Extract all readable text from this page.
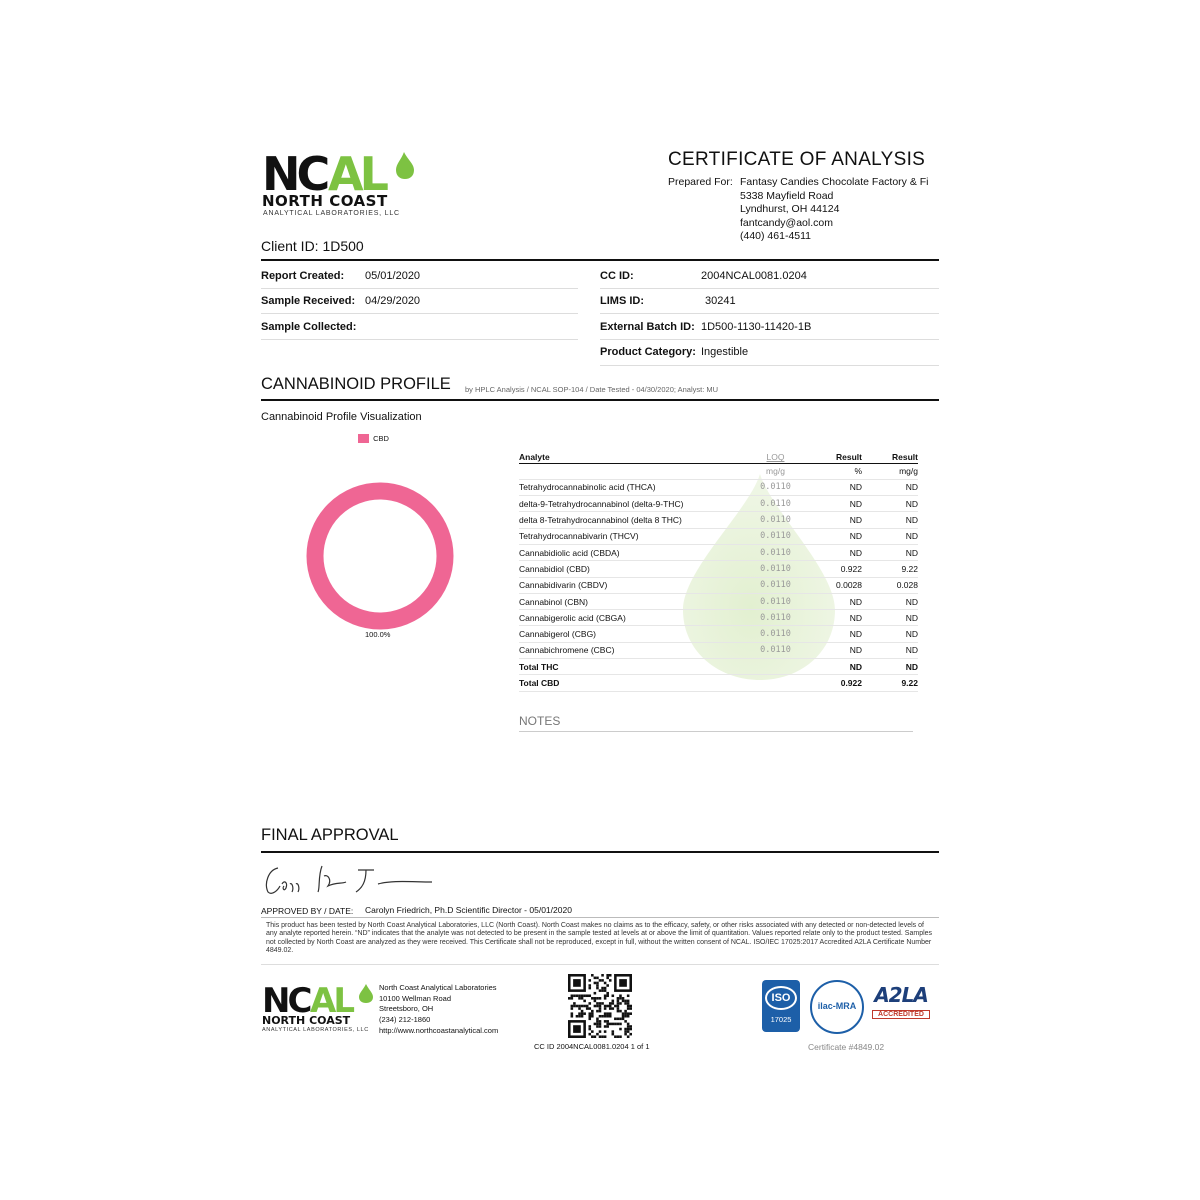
NC AL
NORTH COAST
ANALYTICAL LABORATORIES, LLC
Client ID: 1D500
CERTIFICATE OF ANALYSIS
Prepared For: Fantasy Candies Chocolate Factory & Fi
5338 Mayfield Road
Lyndhurst, OH 44124
fantcandy@aol.com
(440) 461-4511
Report Created: 05/01/2020
Sample Received: 04/29/2020
Sample Collected:
CC ID:	2004NCAL0081.0204
LIMS ID:	30241
External Batch ID: 1D500-1130-11420-1B
Product Category: Ingestible
CANNABINOID PROFILE by HPLC Analysis / NCAL SOP-104 / Date Tested - 04/30/2020; Analyst: MU
Cannabinoid Profile Visualization
CBD
100.0%
Analyte	LOQ	Result	Result
	mg/g	%	mg/g
Tetrahydrocannabinolic acid (THCA)	0.0110	ND	ND
delta-9-Tetrahydrocannabinol (delta-9-THC)	0.0110	ND	ND
delta 8-Tetrahydrocannabinol (delta 8 THC)	0.0110	ND	ND
Tetrahydrocannabivarin (THCV)	0.0110	ND	ND
Cannabidiolic acid (CBDA)	0.0110	ND	ND
Cannabidiol (CBD)	0.0110	0.922	9.22
Cannabidivarin (CBDV)	0.0110	0.0028	0.028
Cannabinol (CBN)	0.0110	ND	ND
Cannabigerolic acid (CBGA)	0.0110	ND	ND
Cannabigerol (CBG)	0.0110	ND	ND
Cannabichromene (CBC)	0.0110	ND	ND
Total THC		ND	ND
Total CBD		0.922	9.22
NOTES
FINAL APPROVAL
APPROVED BY / DATE: Carolyn Friedrich, Ph.D Scientific Director - 05/01/2020
This product has been tested by North Coast Analytical Laboratories, LLC (North Coast). North Coast makes no claims as to the efficacy, safety, or other risks associated with any detected or non-detected levels of any analyte reported herein. “ND” indicates that the analyte was not detected to be present in the sample tested at levels at or above the limit of quantitation. Values reported relate only to the product tested. Samples not collected by North Coast are analyzed as they were received. This Certificate shall not be reproduced, except in full, without the written consent of NCAL. ISO/IEC 17025:2017 Accredited A2LA Certificate Number 4849.02.
NC AL
NORTH COAST
ANALYTICAL LABORATORIES, LLC
North Coast Analytical Laboratories
10100 Wellman Road
Streetsboro, OH
(234) 212-1860
http://www.northcoastanalytical.com
CC ID 2004NCAL0081.0204 1 of 1
ISO
17025
ilac-MRA A2LA
ACCREDITED
Certificate #4849.02
